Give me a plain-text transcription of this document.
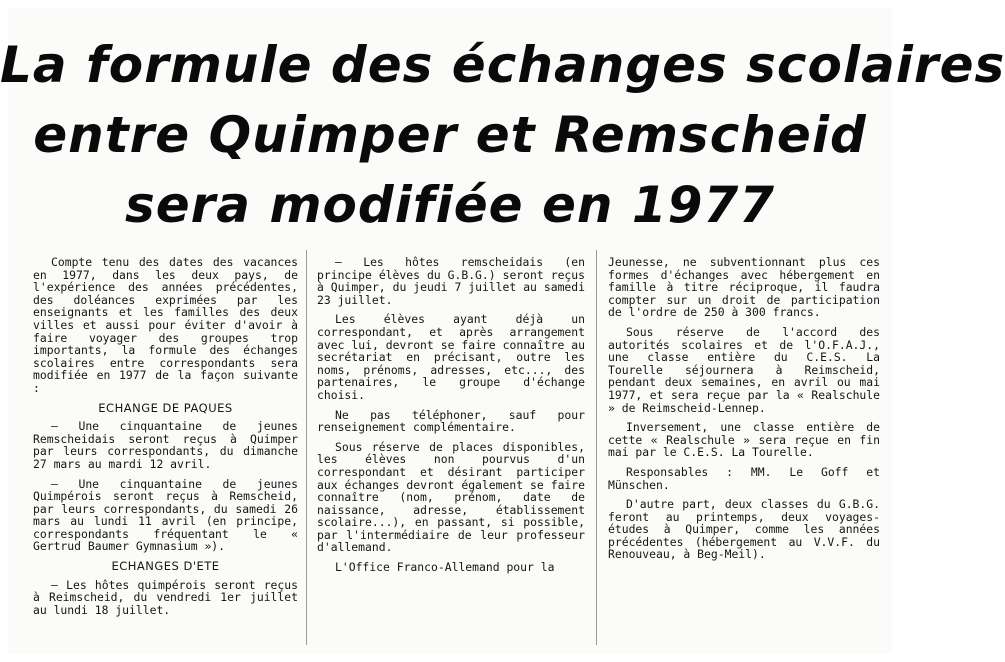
La formule des échanges scolaires
entre Quimper et Remscheid
sera modifiée en 1977

Compte tenu des dates des vacances en 1977, dans les deux pays, de l'expérience des années précédentes, des doléances exprimées par les enseignants et les familles des deux villes et aussi pour éviter d'avoir à faire voyager des groupes trop importants, la formule des échanges scolaires entre correspondants sera modifiée en 1977 de la façon suivante :

ECHANGE DE PAQUES

— Une cinquantaine de jeunes Remscheidais seront reçus à Quimper par leurs correspondants, du dimanche 27 mars au mardi 12 avril.

— Une cinquantaine de jeunes Quimpérois seront reçus à Remscheid, par leurs correspondants, du samedi 26 mars au lundi 11 avril (en principe, correspondants fréquentant le « Gertrud Baumer Gymnasium »).

ECHANGES D'ETE

— Les hôtes quimpérois seront reçus à Reimscheid, du vendredi 1er juillet au lundi 18 juillet.

— Les hôtes remscheidais (en principe élèves du G.B.G.) seront reçus à Quimper, du jeudi 7 juillet au samedi 23 juillet.

Les élèves ayant déjà un correspondant, et après arrangement avec lui, devront se faire connaître au secrétariat en précisant, outre les noms, prénoms, adresses, etc..., des partenaires, le groupe d'échange choisi.

Ne pas téléphoner, sauf pour renseignement complémentaire.

Sous réserve de places disponibles, les élèves non pourvus d'un correspondant et désirant participer aux échanges devront également se faire connaître (nom, prénom, date de naissance, adresse, établissement scolaire...), en passant, si possible, par l'intermédiaire de leur professeur d'allemand.

L'Office Franco-Allemand pour la

Jeunesse, ne subventionnant plus ces formes d'échanges avec hébergement en famille à titre réciproque, il faudra compter sur un droit de participation de l'ordre de 250 à 300 francs.

Sous réserve de l'accord des autorités scolaires et de l'O.F.A.J., une classe entière du C.E.S. La Tourelle séjournera à Reimscheid, pendant deux semaines, en avril ou mai 1977, et sera reçue par la « Realschule » de Reimscheid-Lennep.

Inversement, une classe entière de cette « Realschule » sera reçue en fin mai par le C.E.S. La Tourelle.

Responsables : MM. Le Goff et Münschen.

D'autre part, deux classes du G.B.G. feront au printemps, deux voyages-études à Quimper, comme les années précédentes (hébergement au V.V.F. du Renouveau, à Beg-Meil).
